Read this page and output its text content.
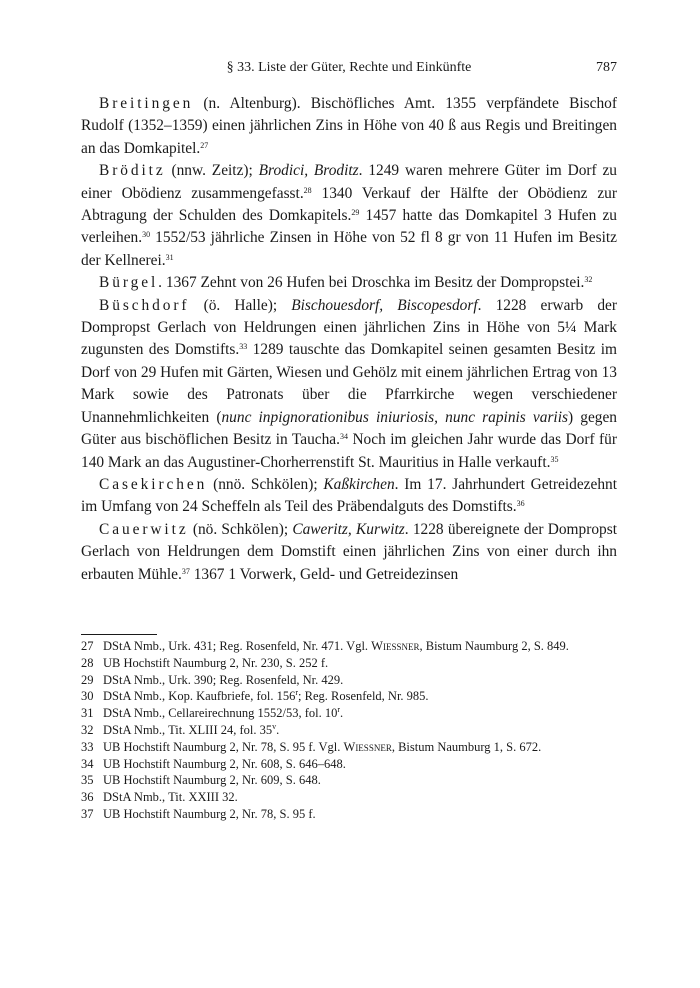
§ 33. Liste der Güter, Rechte und Einkünfte	787

Breitingen (n. Altenburg). Bischöfliches Amt. 1355 verpfändete Bischof Rudolf (1352–1359) einen jährlichen Zins in Höhe von 40 ß aus Regis und Breitingen an das Domkapitel.$^{27}$

Bröditz (nnw. Zeitz); Brodici, Broditz. 1249 waren mehrere Güter im Dorf zu einer Obödienz zusammengefasst.$^{28}$ 1340 Verkauf der Hälfte der Obödienz zur Abtragung der Schulden des Domkapitels.$^{29}$ 1457 hatte das Domkapitel 3 Hufen zu verleihen.$^{30}$ 1552/53 jährliche Zinsen in Höhe von 52 fl 8 gr von 11 Hufen im Besitz der Kellnerei.$^{31}$

Bürgel. 1367 Zehnt von 26 Hufen bei Droschka im Besitz der Dompropstei.$^{32}$

Büschdorf (ö. Halle); Bischouesdorf, Biscopesdorf. 1228 erwarb der Dompropst Gerlach von Heldrungen einen jährlichen Zins in Höhe von 5¼ Mark zugunsten des Domstifts.$^{33}$ 1289 tauschte das Domkapitel seinen gesamten Besitz im Dorf von 29 Hufen mit Gärten, Wiesen und Gehölz mit einem jährlichen Ertrag von 13 Mark sowie des Patronats über die Pfarrkirche wegen verschiedener Unannehmlichkeiten (nunc inpignorationibus iniuriosis, nunc rapinis variis) gegen Güter aus bischöflichen Besitz in Taucha.$^{34}$ Noch im gleichen Jahr wurde das Dorf für 140 Mark an das Augustiner-Chorherrenstift St. Mauritius in Halle verkauft.$^{35}$

Casekirchen (nnö. Schkölen); Kaßkirchen. Im 17. Jahrhundert Getreidezehnt im Umfang von 24 Scheffeln als Teil des Präbendalguts des Domstifts.$^{36}$

Cauerwitz (nö. Schkölen); Caweritz, Kurwitz. 1228 übereignete der Dompropst Gerlach von Heldrungen dem Domstift einen jährlichen Zins von einer durch ihn erbauten Mühle.$^{37}$ 1367 1 Vorwerk, Geld- und Getreidezinsen

27 DStA Nmb., Urk. 431; Reg. Rosenfeld, Nr. 471. Vgl. Wiessner, Bistum Naumburg 2, S. 849.
28 UB Hochstift Naumburg 2, Nr. 230, S. 252 f.
29 DStA Nmb., Urk. 390; Reg. Rosenfeld, Nr. 429.
30 DStA Nmb., Kop. Kaufbriefe, fol. 156$^r$; Reg. Rosenfeld, Nr. 985.
31 DStA Nmb., Cellareirechnung 1552/53, fol. 10$^r$.
32 DStA Nmb., Tit. XLIII 24, fol. 35$^v$.
33 UB Hochstift Naumburg 2, Nr. 78, S. 95 f. Vgl. Wiessner, Bistum Naumburg 1, S. 672.
34 UB Hochstift Naumburg 2, Nr. 608, S. 646–648.
35 UB Hochstift Naumburg 2, Nr. 609, S. 648.
36 DStA Nmb., Tit. XXIII 32.
37 UB Hochstift Naumburg 2, Nr. 78, S. 95 f.
